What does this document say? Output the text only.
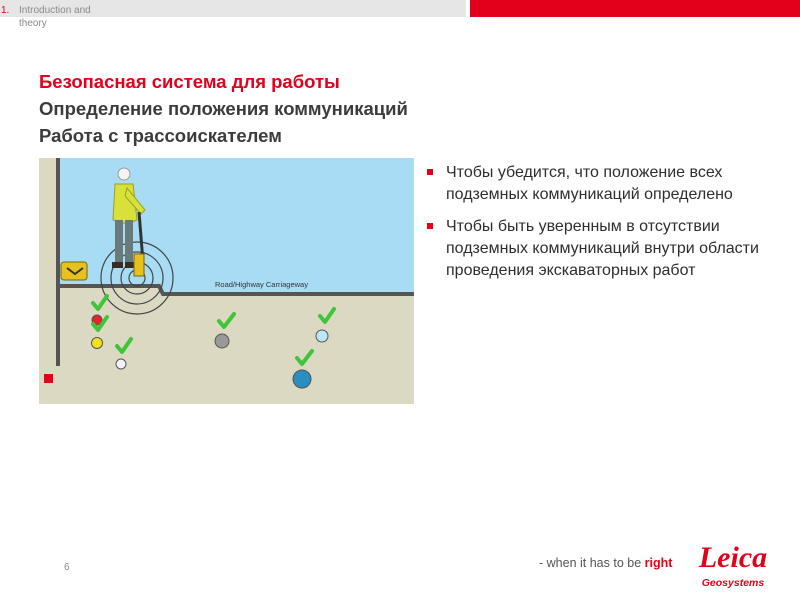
1. Introduction and theory
Безопасная система для работы
Определение положения коммуникаций
Работа с трассоискателем
Road/Highway Carriageway
Чтобы убедится, что положение всех подземных коммуникаций определено
Чтобы быть уверенным в отсутствии подземных коммуникаций внутри области проведения экскаваторных работ
6	- when it has to be right Leica
Geosystems
